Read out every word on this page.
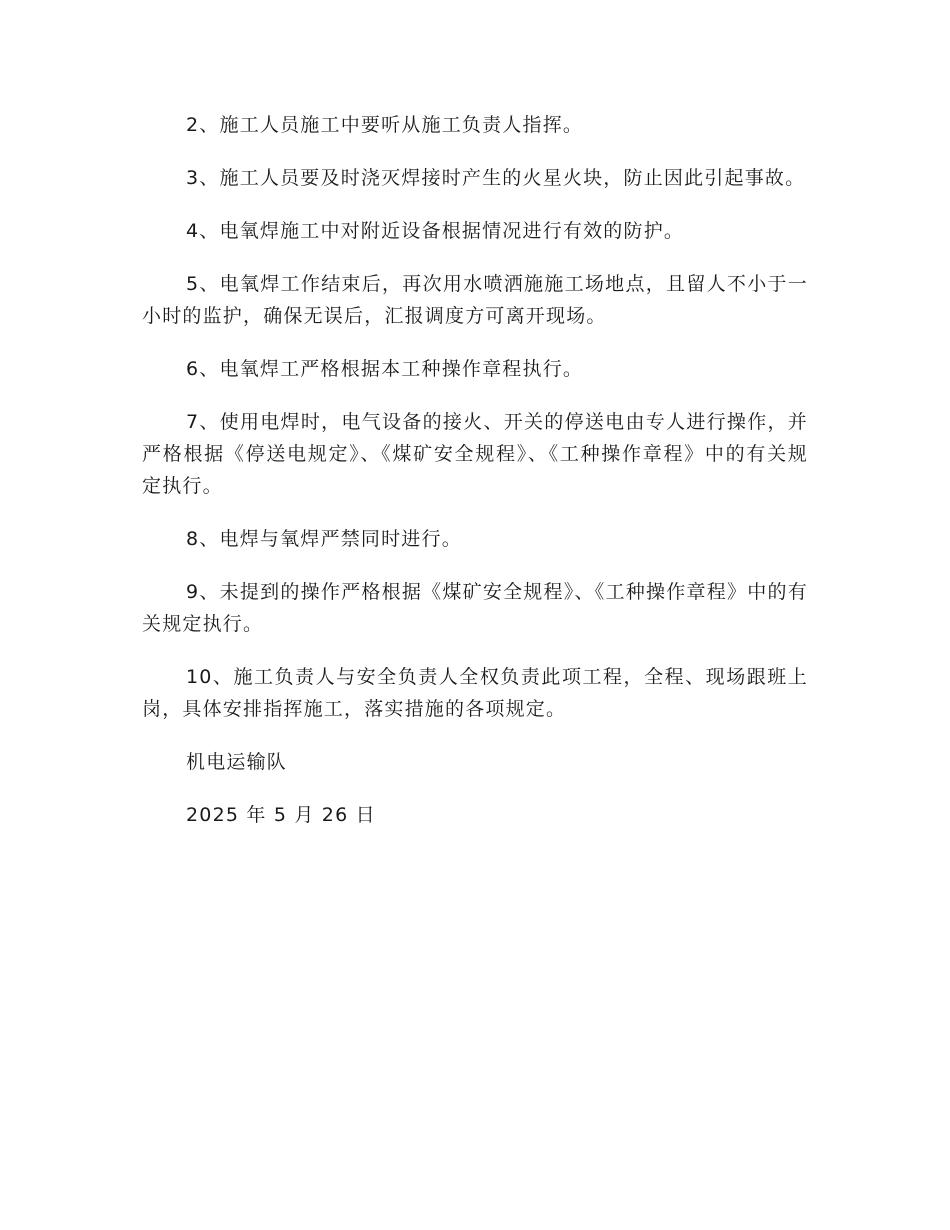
2、施工人员施工中要听从施工负责人指挥。

3、施工人员要及时浇灭焊接时产生的火星火块，防止因此引起事故。

4、电氧焊施工中对附近设备根据情况进行有效的防护。

5、电氧焊工作结束后，再次用水喷洒施施工场地点，且留人不小于一小时的监护，确保无误后，汇报调度方可离开现场。

6、电氧焊工严格根据本工种操作章程执行。

7、使用电焊时，电气设备的接火、开关的停送电由专人进行操作，并严格根据《停送电规定》、《煤矿安全规程》、《工种操作章程》中的有关规定执行。

8、电焊与氧焊严禁同时进行。

9、未提到的操作严格根据《煤矿安全规程》、《工种操作章程》中的有关规定执行。

10、施工负责人与安全负责人全权负责此项工程，全程、现场跟班上岗，具体安排指挥施工，落实措施的各项规定。

机电运输队

2025 年 5 月 26 日
